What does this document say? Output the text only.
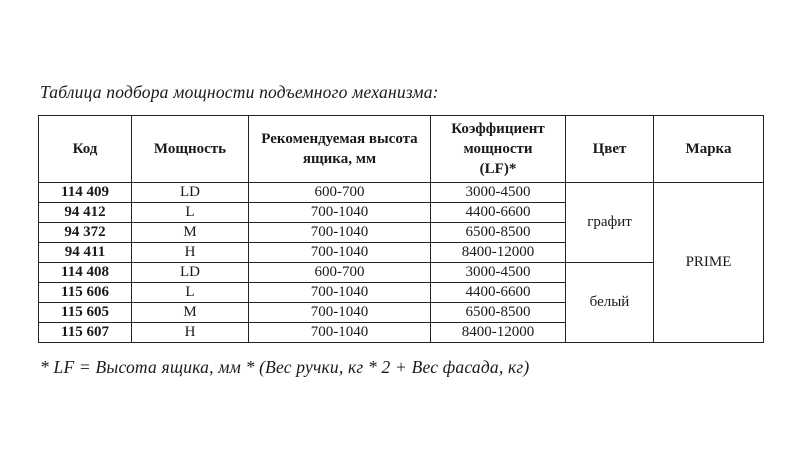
Таблица подбора мощности подъемного механизма:
Код	Мощность	Рекомендуемая высота ящика, мм	Коэффициент мощности (LF)*	Цвет	Марка
114 409	LD	600-700	3000-4500	графит	PRIME
94 412	L	700-1040	4400-6600		
94 372	M	700-1040	6500-8500		
94 411	H	700-1040	8400-12000		
114 408	LD	600-700	3000-4500	белый	
115 606	L	700-1040	4400-6600		
115 605	M	700-1040	6500-8500		
115 607	H	700-1040	8400-12000		
* LF = Высота ящика, мм * (Вес ручки, кг * 2 + Вес фасада, кг)
